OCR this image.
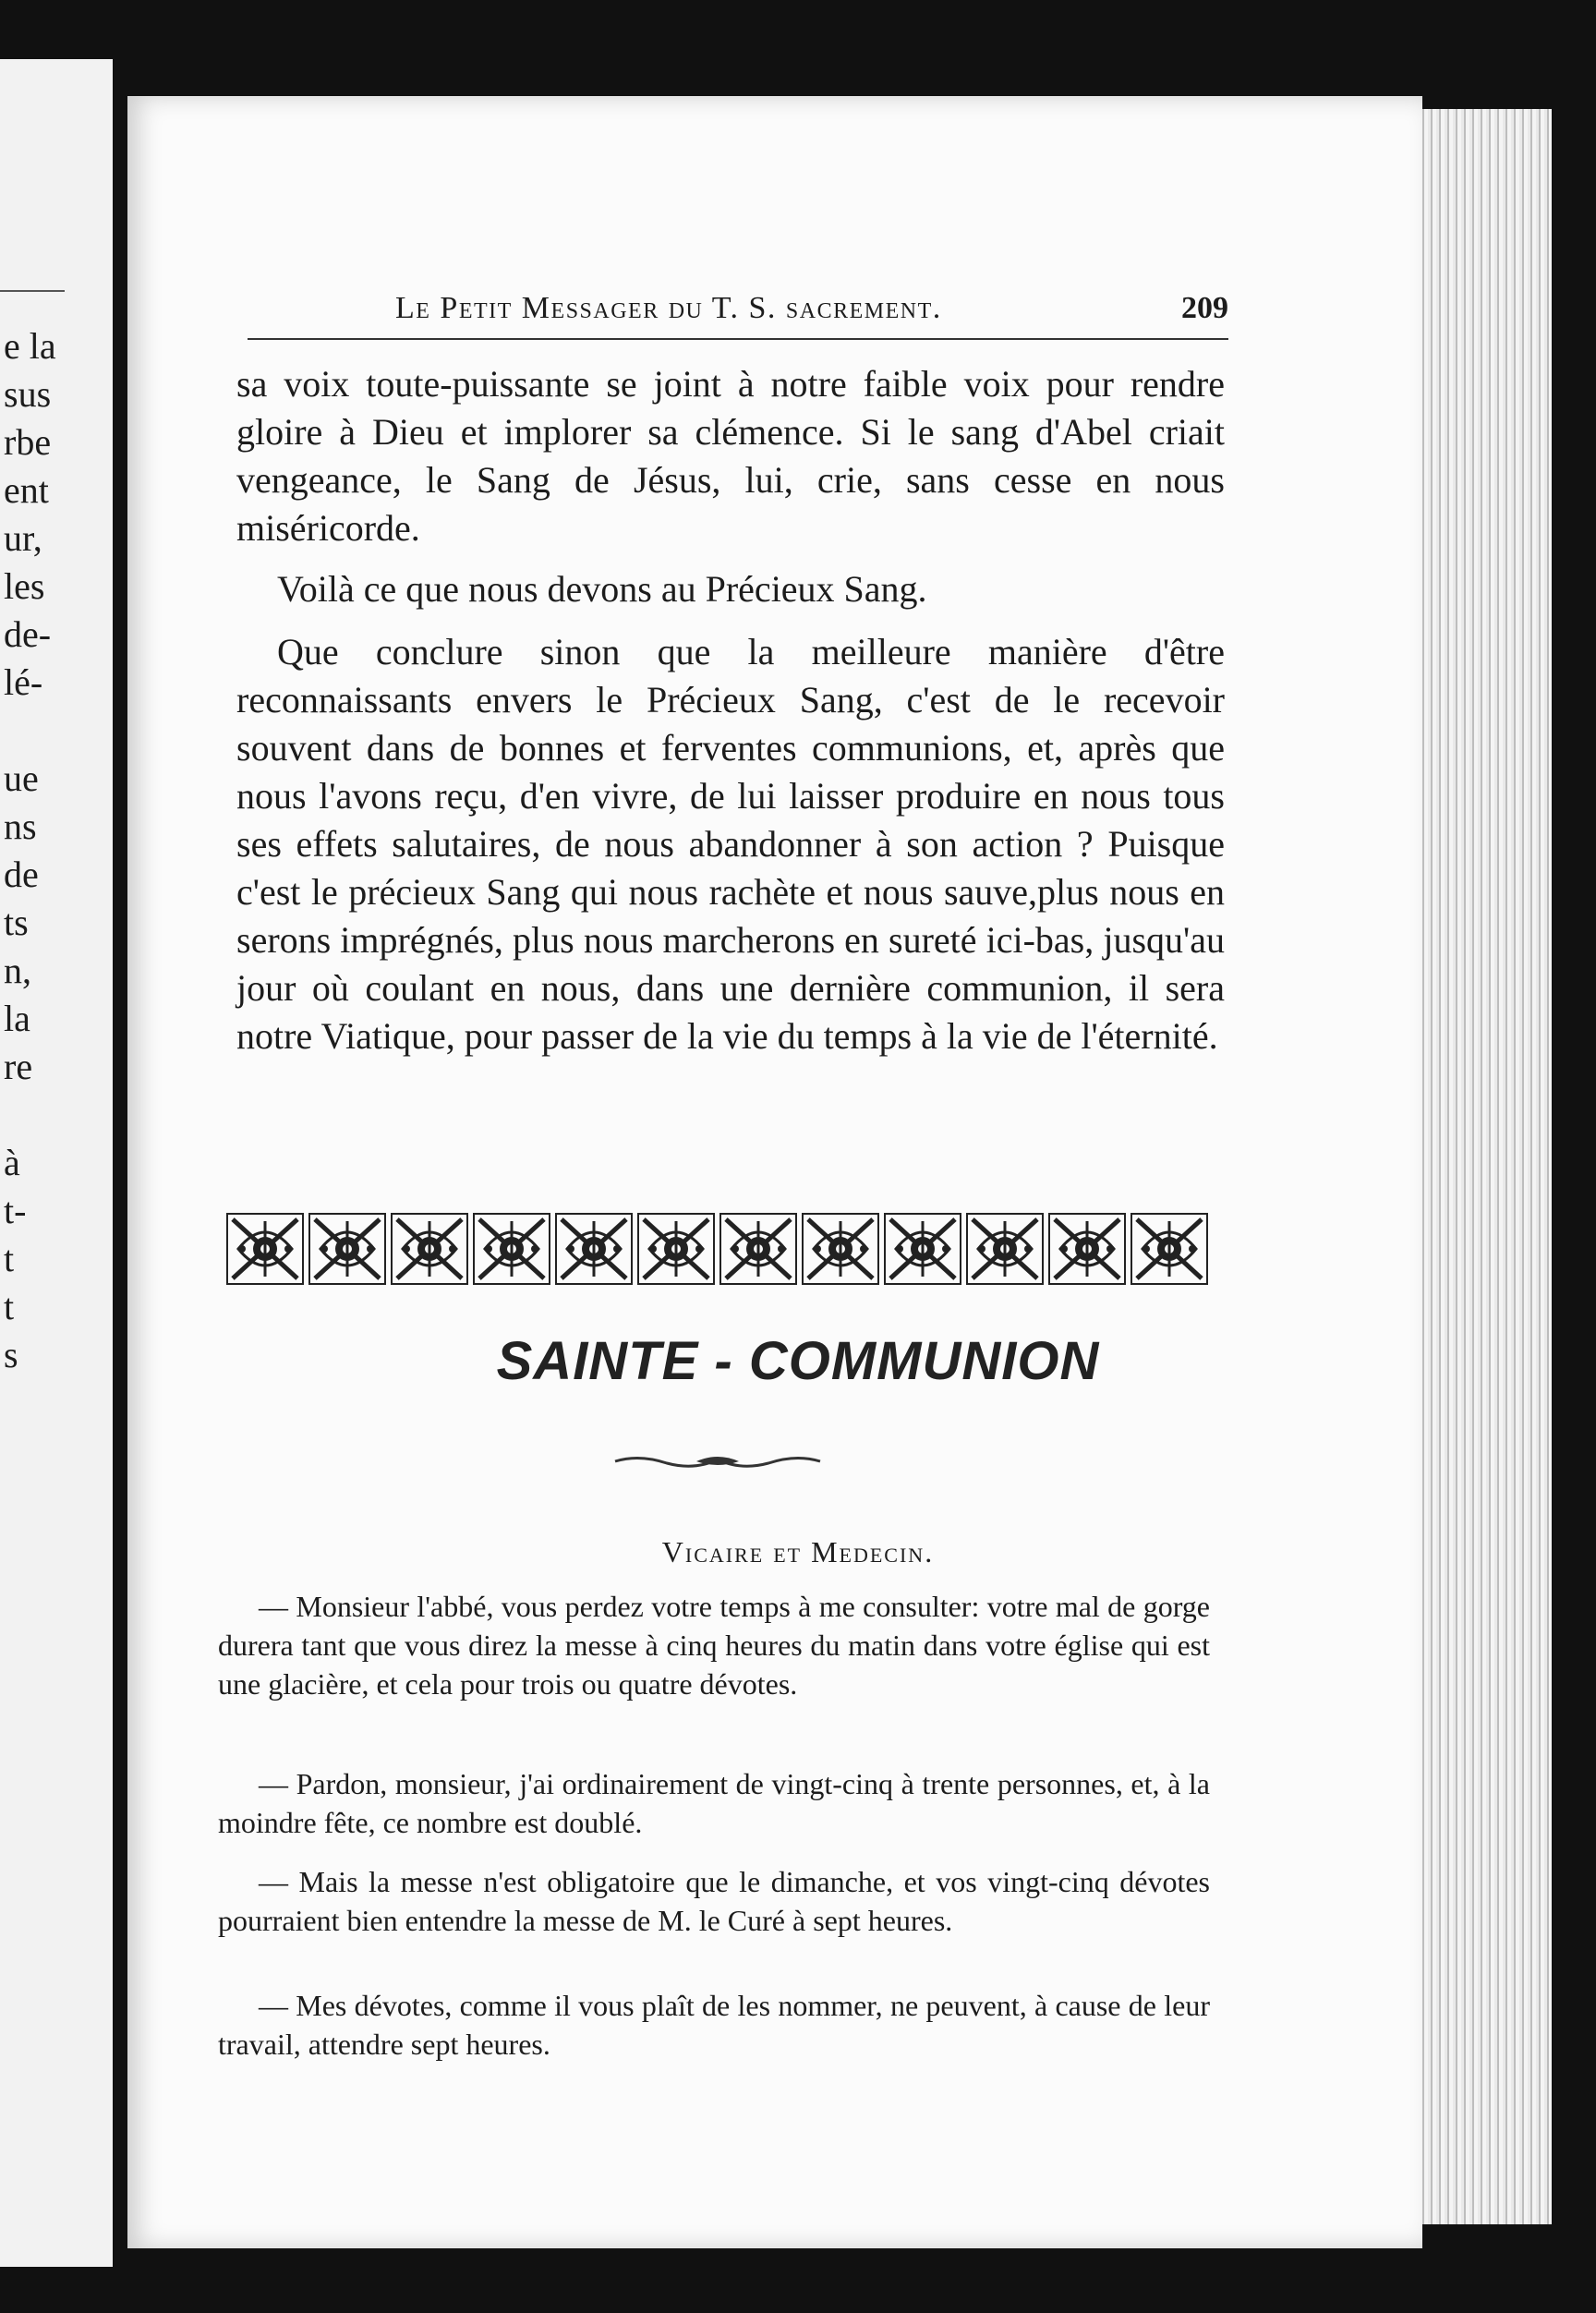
e la
sus
rbe
ent
ur,
les
de-
lé-
ue
ns
de
ts
n,
la
re
à
t-
t
t
s
Le Petit Messager du T. S. sacrement.	209

sa voix toute-puissante se joint à notre faible voix pour rendre gloire à Dieu et implorer sa clémence. Si le sang d'Abel criait vengeance, le Sang de Jésus, lui, crie, sans cesse en nous miséricorde.

Voilà ce que nous devons au Précieux Sang.

Que conclure sinon que la meilleure manière d'être reconnaissants envers le Précieux Sang, c'est de le recevoir souvent dans de bonnes et ferventes communions, et, après que nous l'avons reçu, d'en vivre, de lui laisser produire en nous tous ses effets salutaires, de nous abandonner à son action ? Puisque c'est le précieux Sang qui nous rachète et nous sauve,plus nous en serons imprégnés, plus nous marcherons en sureté ici-bas, jusqu'au jour où coulant en nous, dans une dernière communion, il sera notre Viatique, pour passer de la vie du temps à la vie de l'éternité.

SAINTE - COMMUNION
Vicaire et Medecin.

— Monsieur l'abbé, vous perdez votre temps à me consulter: votre mal de gorge durera tant que vous direz la messe à cinq heures du matin dans votre église qui est une glacière, et cela pour trois ou quatre dévotes.

— Pardon, monsieur, j'ai ordinairement de vingt-cinq à trente personnes, et, à la moindre fête, ce nombre est doublé.

— Mais la messe n'est obligatoire que le dimanche, et vos vingt-cinq dévotes pourraient bien entendre la messe de M. le Curé à sept heures.

— Mes dévotes, comme il vous plaît de les nommer, ne peuvent, à cause de leur travail, attendre sept heures.
